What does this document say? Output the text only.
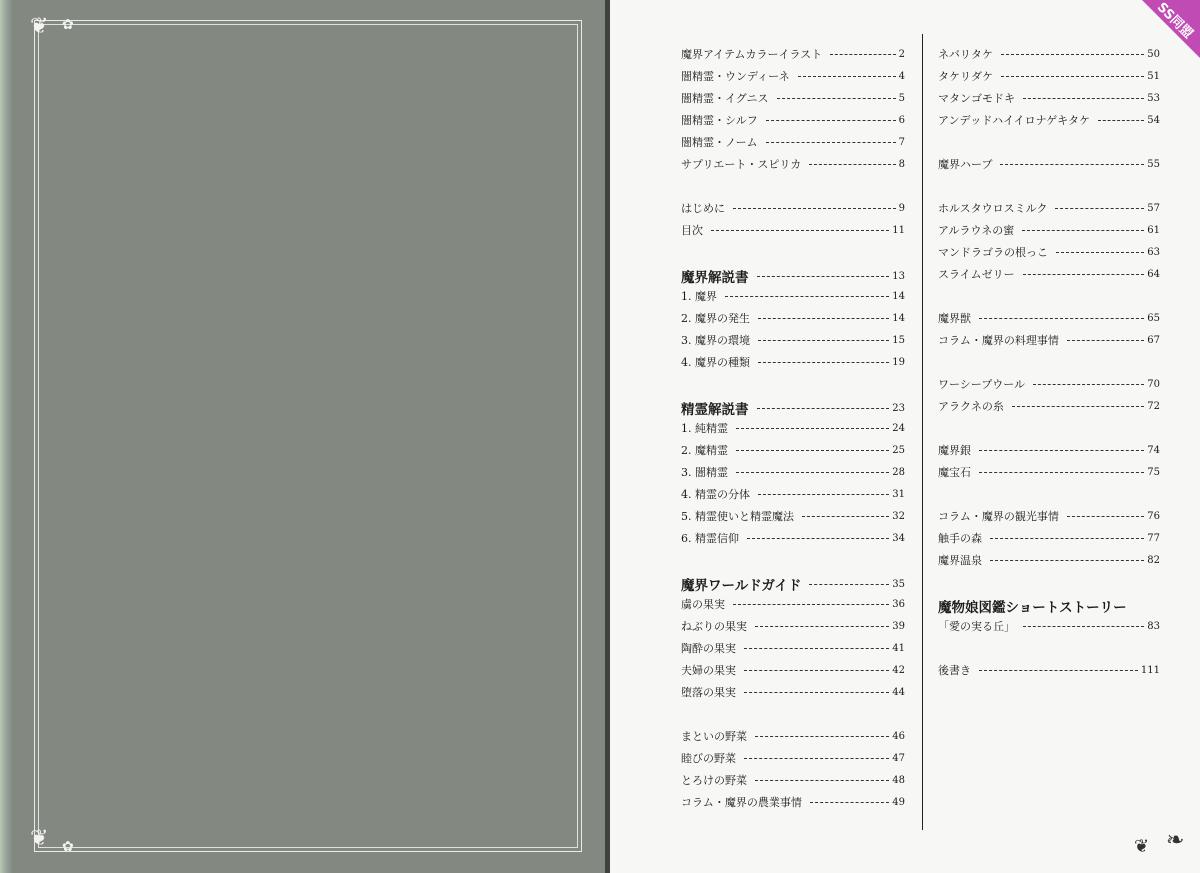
❦ ✿
❦ ✿
SS同盟
❦ ❧
魔界アイテムカラーイラスト	2
闇精霊・ウンディーネ	4
闇精霊・イグニス	5
闇精霊・シルフ	6
闇精霊・ノーム	7
サプリエート・スピリカ	8
はじめに	9
目次	11
魔界解説書	13
1. 魔界	14
2. 魔界の発生	14
3. 魔界の環境	15
4. 魔界の種類	19
精霊解説書	23
1. 純精霊	24
2. 魔精霊	25
3. 闇精霊	28
4. 精霊の分体	31
5. 精霊使いと精霊魔法	32
6. 精霊信仰	34
魔界ワールドガイド	35
虜の果実	36
ねぶりの果実	39
陶酔の果実	41
夫婦の果実	42
堕落の果実	44
まといの野菜	46
睦びの野菜	47
とろけの野菜	48
コラム・魔界の農業事情	49
ネバリタケ	50
タケリダケ	51
マタンゴモドキ	53
アンデッドハイイロナゲキタケ	54
魔界ハーブ	55
ホルスタウロスミルク	57
アルラウネの蜜	61
マンドラゴラの根っこ	63
スライムゼリー	64
魔界獣	65
コラム・魔界の料理事情	67
ワーシープウール	70
アラクネの糸	72
魔界銀	74
魔宝石	75
コラム・魔界の観光事情	76
触手の森	77
魔界温泉	82
魔物娘図鑑ショートストーリー
「愛の実る丘」	83
後書き	111
